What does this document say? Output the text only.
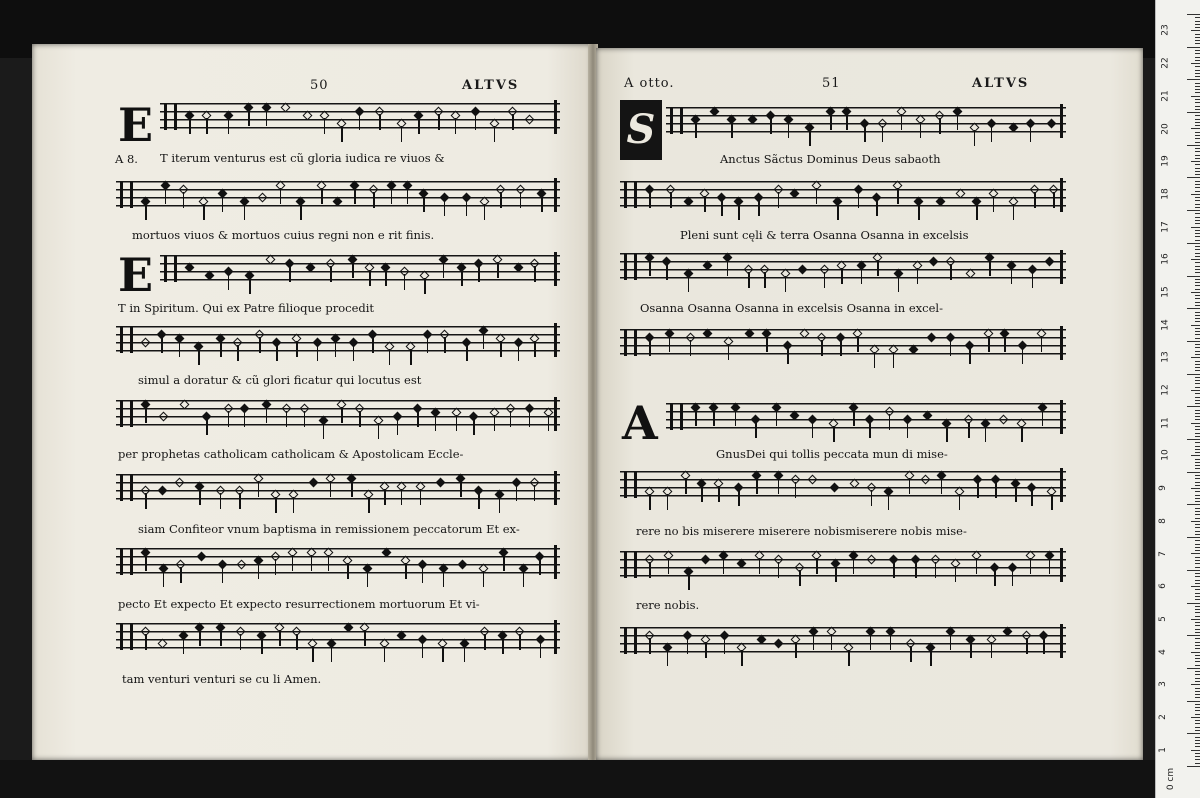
50	ALTVS
E
A 8. T iterum venturus est cũ gloria iudica re viuos &
mortuos viuos & mortuos cuius regni non e rit finis.
E
T in Spiritum. Qui ex Patre filioque procedit
simul a doratur & cũ glori ficatur qui locutus est
per prophetas catholicam catholicam & Apostolicam Eccle-
siam Confiteor vnum baptisma in remissionem peccatorum Et ex-
pecto Et expecto Et expecto resurrectionem mortuorum Et vi-
tam venturi venturi se cu li Amen.
A otto.	51	ALTVS
S
Anctus Sãctus Dominus Deus sabaoth
Pleni sunt cęli & terra Osanna Osanna in excelsis
Osanna Osanna Osanna in excelsis Osanna in excel-
A
GnusDei qui tollis peccata mun di mise-
rere no bis miserere miserere nobismiserere nobis mise-
rere nobis.
23
22
21
20
19
18
17
16
15
14
13
12
11
10
9
8
7
6
5
4
3
2
1
0 cm
